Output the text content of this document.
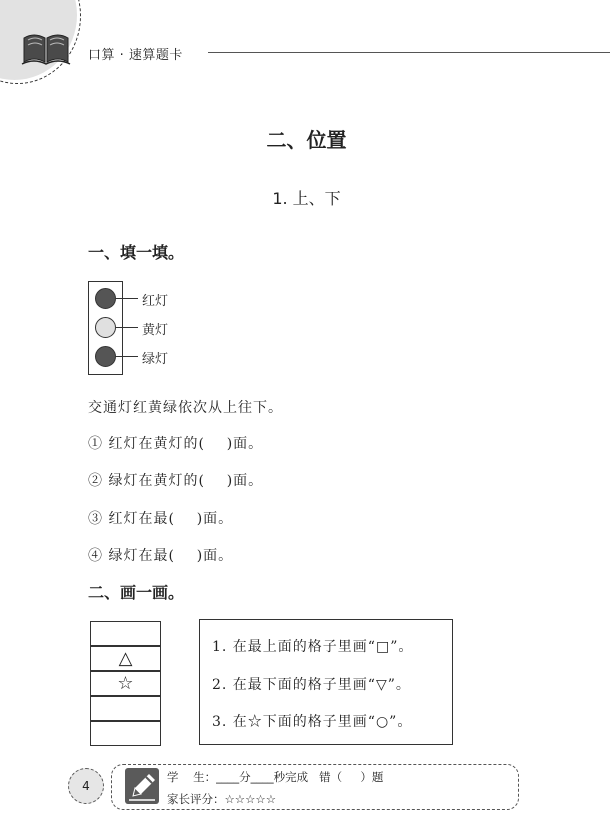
口算 · 速算题卡
二、位置
1. 上、下
一、填一填。
红灯
黄灯
绿灯
交通灯红黄绿依次从上往下。
① 红灯在黄灯的(    )面。
② 绿灯在黄灯的(    )面。
③ 红灯在最(    )面。
④ 绿灯在最(    )面。
二、画一画。
△
☆
1. 在最上面的格子里画“□”。
2. 在最下面的格子里画“▽”。
3. 在☆下面的格子里画“○”。
4
学    生：____分____秒完成   错（     ）题
家长评分：☆☆☆☆☆
